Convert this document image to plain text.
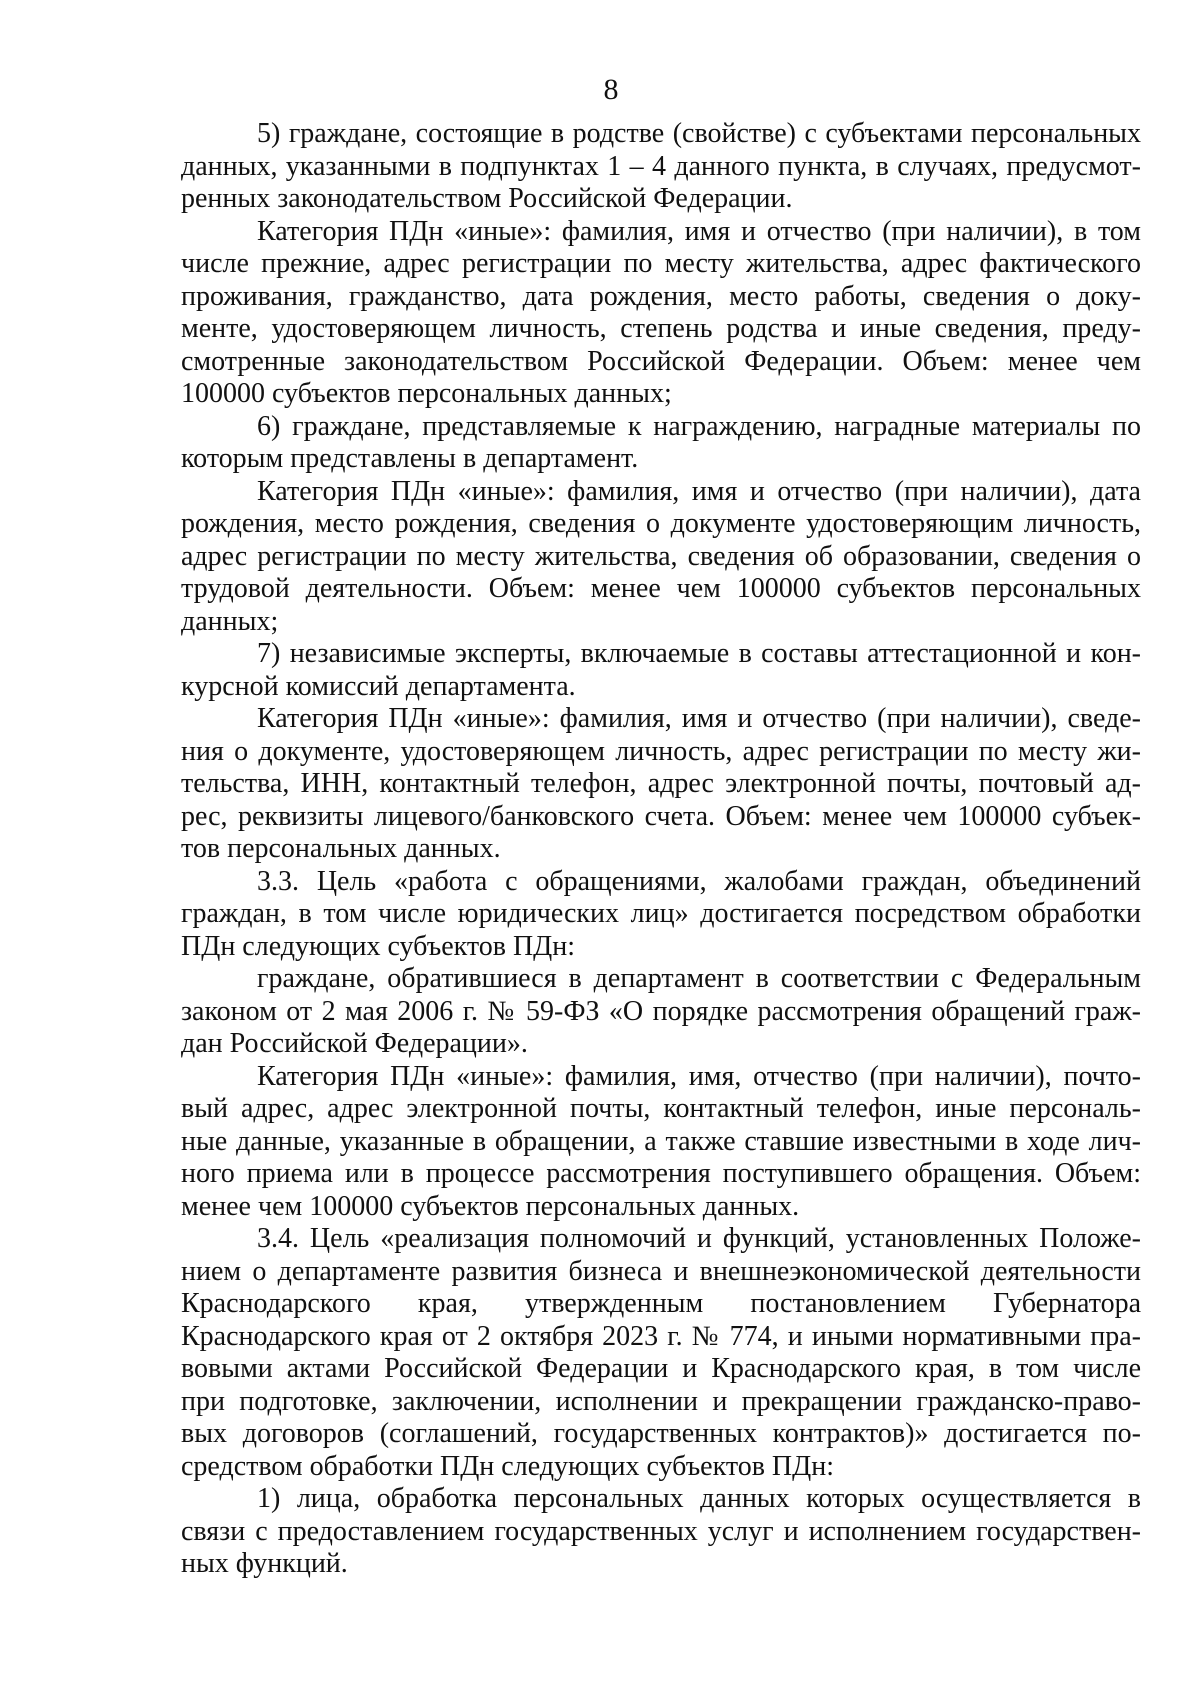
8
5) граждане, состоящие в родстве (свойстве) с субъектами персональных
данных, указанными в подпунктах 1 – 4 данного пункта, в случаях, предусмот-
ренных законодательством Российской Федерации.
Категория ПДн «иные»: фамилия, имя и отчество (при наличии), в том
числе прежние, адрес регистрации по месту жительства, адрес фактического
проживания, гражданство, дата рождения, место работы, сведения о доку-
менте, удостоверяющем личность, степень родства и иные сведения, преду-
смотренные законодательством Российской Федерации. Объем: менее чем
100000 субъектов персональных данных;
6) граждане, представляемые к награждению, наградные материалы по
которым представлены в департамент.
Категория ПДн «иные»: фамилия, имя и отчество (при наличии), дата
рождения, место рождения, сведения о документе удостоверяющим личность,
адрес регистрации по месту жительства, сведения об образовании, сведения о
трудовой деятельности. Объем: менее чем 100000 субъектов персональных
данных;
7) независимые эксперты, включаемые в составы аттестационной и кон-
курсной комиссий департамента.
Категория ПДн «иные»: фамилия, имя и отчество (при наличии), сведе-
ния о документе, удостоверяющем личность, адрес регистрации по месту жи-
тельства, ИНН, контактный телефон, адрес электронной почты, почтовый ад-
рес, реквизиты лицевого/банковского счета. Объем: менее чем 100000 субъек-
тов персональных данных.
3.3. Цель «работа с обращениями, жалобами граждан, объединений
граждан, в том числе юридических лиц» достигается посредством обработки
ПДн следующих субъектов ПДн:
граждане, обратившиеся в департамент в соответствии с Федеральным
законом от 2 мая 2006 г. № 59-ФЗ «О порядке рассмотрения обращений граж-
дан Российской Федерации».
Категория ПДн «иные»: фамилия, имя, отчество (при наличии), почто-
вый адрес, адрес электронной почты, контактный телефон, иные персональ-
ные данные, указанные в обращении, а также ставшие известными в ходе лич-
ного приема или в процессе рассмотрения поступившего обращения. Объем:
менее чем 100000 субъектов персональных данных.
3.4. Цель «реализация полномочий и функций, установленных Положе-
нием о департаменте развития бизнеса и внешнеэкономической деятельности
Краснодарского края, утвержденным постановлением Губернатора
Краснодарского края от 2 октября 2023 г. № 774, и иными нормативными пра-
вовыми актами Российской Федерации и Краснодарского края, в том числе
при подготовке, заключении, исполнении и прекращении гражданско-право-
вых договоров (соглашений, государственных контрактов)» достигается по-
средством обработки ПДн следующих субъектов ПДн:
1) лица, обработка персональных данных которых осуществляется в
связи с предоставлением государственных услуг и исполнением государствен-
ных функций.
